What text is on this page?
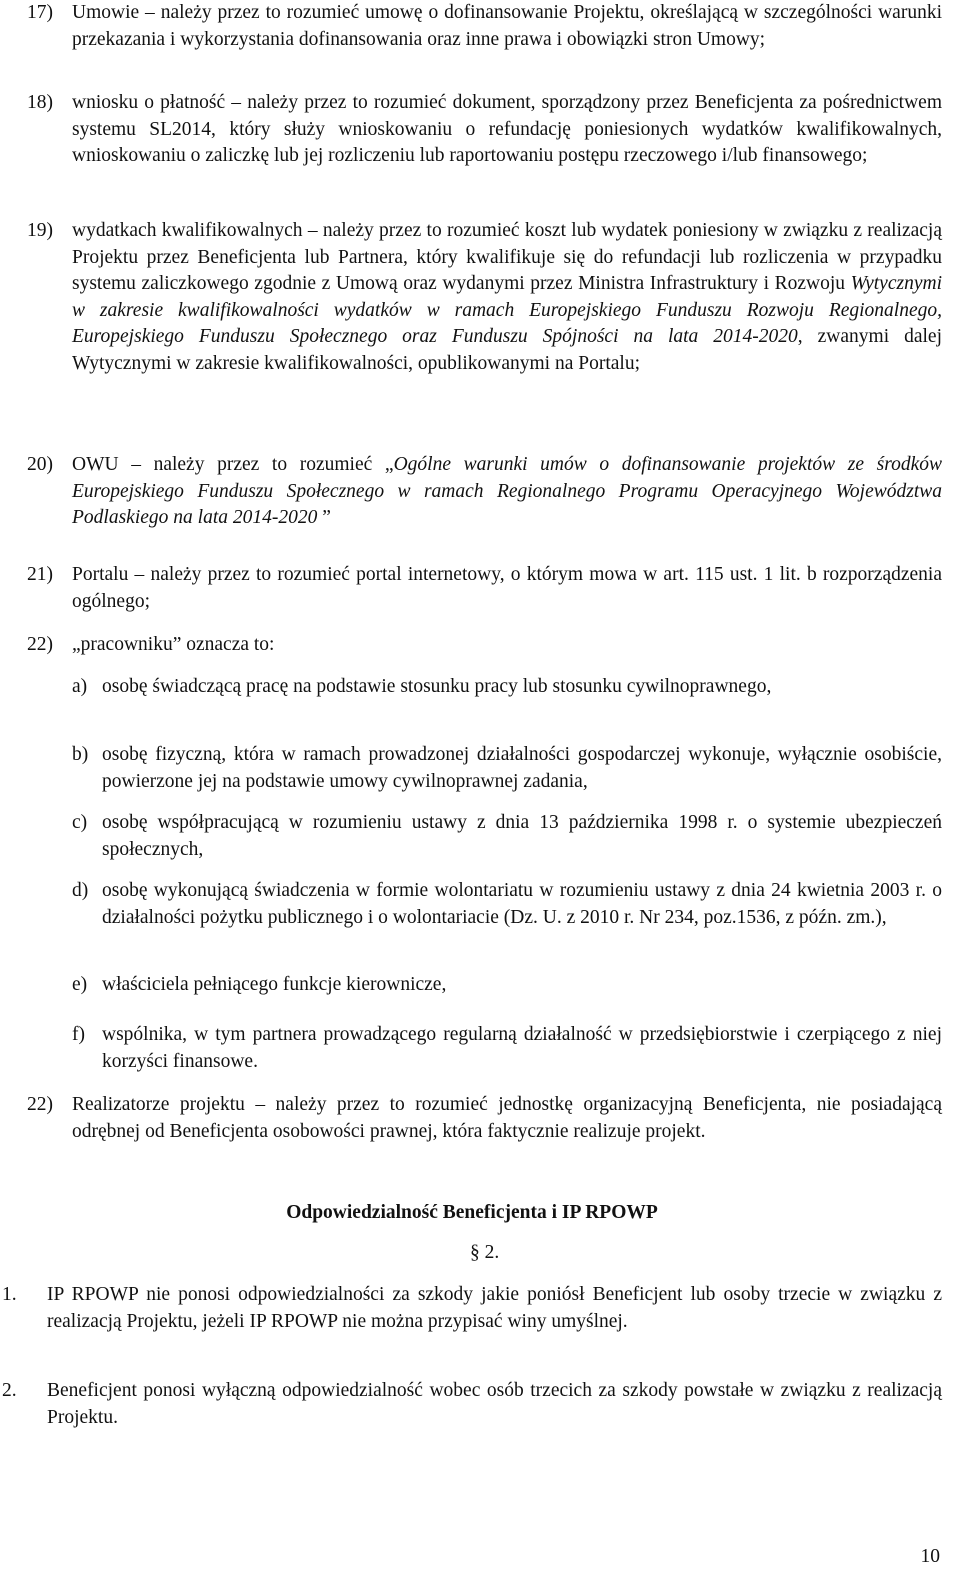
17) Umowie – należy przez to rozumieć umowę o dofinansowanie Projektu, określającą w szczególności warunki przekazania i wykorzystania dofinansowania oraz inne prawa i obowiązki stron Umowy;
18) wniosku o płatność – należy przez to rozumieć dokument, sporządzony przez Beneficjenta za pośrednictwem systemu SL2014, który służy wnioskowaniu o refundację poniesionych wydatków kwalifikowalnych, wnioskowaniu o zaliczkę lub jej rozliczeniu lub raportowaniu postępu rzeczowego i/lub finansowego;
19) wydatkach kwalifikowalnych – należy przez to rozumieć koszt lub wydatek poniesiony w związku z realizacją Projektu przez Beneficjenta lub Partnera, który kwalifikuje się do refundacji lub rozliczenia w przypadku systemu zaliczkowego zgodnie z Umową oraz wydanymi przez Ministra Infrastruktury i Rozwoju Wytycznymi w zakresie kwalifikowalności wydatków w ramach Europejskiego Funduszu Rozwoju Regionalnego, Europejskiego Funduszu Społecznego oraz Funduszu Spójności na lata 2014-2020, zwanymi dalej Wytycznymi w zakresie kwalifikowalności, opublikowanymi na Portalu;
20) OWU – należy przez to rozumieć „Ogólne warunki umów o dofinansowanie projektów ze środków Europejskiego Funduszu Społecznego w ramach Regionalnego Programu Operacyjnego Województwa Podlaskiego na lata 2014-2020 ”
21) Portalu – należy przez to rozumieć portal internetowy, o którym mowa w art. 115 ust. 1 lit. b rozporządzenia ogólnego;
22) „pracowniku” oznacza to:
a) osobę świadczącą pracę na podstawie stosunku pracy lub stosunku cywilnoprawnego,
b) osobę fizyczną, która w ramach prowadzonej działalności gospodarczej wykonuje, wyłącznie osobiście, powierzone jej na podstawie umowy cywilnoprawnej zadania,
c) osobę współpracującą w rozumieniu ustawy z dnia 13 października 1998 r. o systemie ubezpieczeń społecznych,
d) osobę wykonującą świadczenia w formie wolontariatu w rozumieniu ustawy z dnia 24 kwietnia 2003 r. o działalności pożytku publicznego i o wolontariacie (Dz. U. z 2010 r. Nr 234, poz.1536, z późn. zm.),
e) właściciela pełniącego funkcje kierownicze,
f) wspólnika, w tym partnera prowadzącego regularną działalność w przedsiębiorstwie i czerpiącego z niej korzyści finansowe.
22) Realizatorze projektu – należy przez to rozumieć jednostkę organizacyjną Beneficjenta, nie posiadającą odrębnej od Beneficjenta osobowości prawnej, która faktycznie realizuje projekt.
Odpowiedzialność Beneficjenta i IP RPOWP
§ 2.
1. IP RPOWP nie ponosi odpowiedzialności za szkody jakie poniósł Beneficjent lub osoby trzecie w związku z realizacją Projektu, jeżeli IP RPOWP nie można przypisać winy umyślnej.
2. Beneficjent ponosi wyłączną odpowiedzialność wobec osób trzecich za szkody powstałe w związku z realizacją Projektu.
10
